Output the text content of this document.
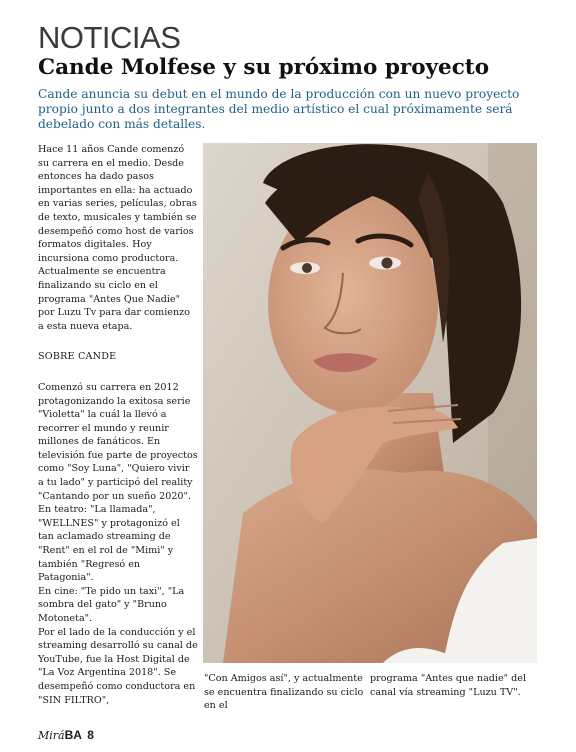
NOTICIAS
Cande Molfese y su próximo proyecto
Cande anuncia su debut en el mundo de la producción con un nuevo proyecto propio junto a dos integrantes del medio artístico el cual próximamente será debelado con más detalles.

Hace 11 años Cande comenzó su carrera en el medio. Desde entonces ha dado pasos importantes en ella: ha actuado en varias series, películas, obras de texto, musicales y también se desempeñó como host de varios formatos digitales. Hoy incursiona como productora.

Actualmente se encuentra finalizando su ciclo en el programa "Antes Que Nadie" por Luzu Tv para dar comienzo a esta nueva etapa.

SOBRE CANDE

Comenzó su carrera en 2012 protagonizando la exitosa serie "Violetta" la cuál la llevó a recorrer el mundo y reunir millones de fanáticos. En televisión fue parte de proyectos como "Soy Luna", "Quiero vivir a tu lado" y participó del reality "Cantando por un sueño 2020". En teatro: "La llamada", "WELLNES" y protagonizó el tan aclamado streaming de "Rent" en el rol de "Mimi" y también "Regresó en Patagonia".

En cine: "Te pido un taxi", "La sombra del gato" y "Bruno Motoneta".

Por el lado de la conducción y el streaming desarrolló su canal de YouTube, fue la Host Digital de "La Voz Argentina 2018". Se desempeñó como conductora en "SIN FILTRO",

"Con Amigos así", y actualmente se encuentra finalizando su ciclo en el

programa "Antes que nadie" del canal vía streaming "Luzu TV".

MiráBA 8
